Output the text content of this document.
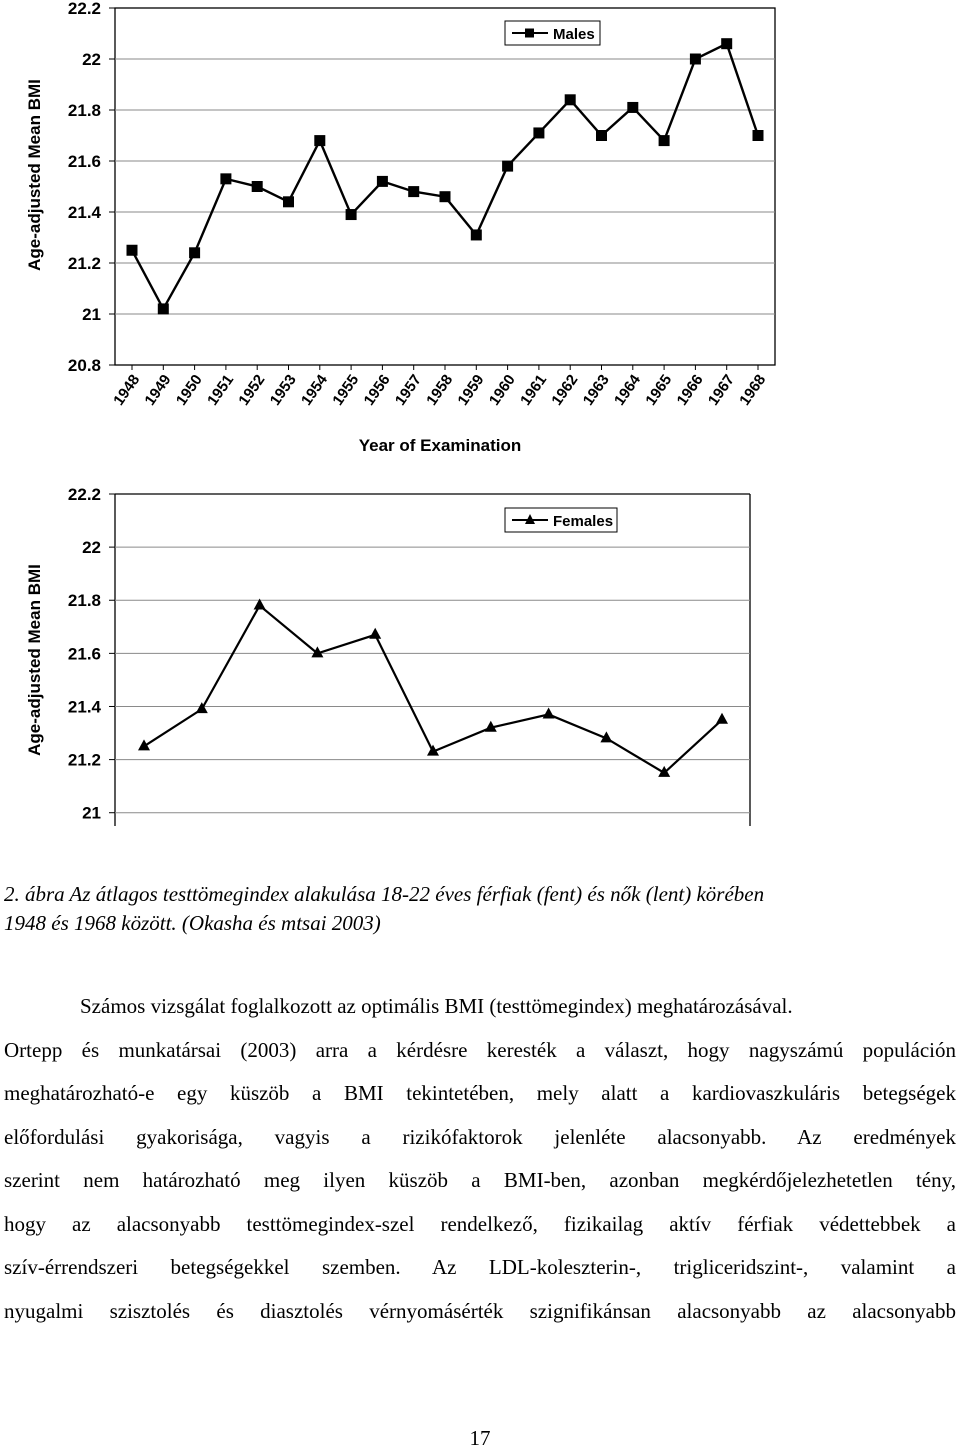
22.2
22
21.8
21.6
21.4
21.2
21
20.8
Age-adjusted Mean BMI
1948
1949
1950
1951
1952
1953
1954
1955
1956
1957
1958
1959
1960
1961
1962
1963
1964
1965
1966
1967
1968
Year of Examination
Males
22.2
22
21.8
21.6
21.4
21.2
21
Age-adjusted Mean BMI
Females
2. ábra Az átlagos testtömegindex alakulása 18-22 éves férfiak (fent) és nők (lent) körében
1948 és 1968 között. (Okasha és mtsai 2003)
Számos vizsgálat foglalkozott az optimális BMI (testtömegindex) meghatározásával.
Ortepp és munkatársai (2003) arra a kérdésre keresték a választ, hogy nagyszámú populáción
meghatározható-e egy küszöb a BMI tekintetében, mely alatt a kardiovaszkuláris betegségek
előfordulási gyakorisága, vagyis a rizikófaktorok jelenléte alacsonyabb. Az eredmények
szerint nem határozható meg ilyen küszöb a BMI-ben, azonban megkérdőjelezhetetlen tény,
hogy az alacsonyabb testtömegindex-szel rendelkező, fizikailag aktív férfiak védettebbek a
szív-érrendszeri betegségekkel szemben. Az LDL-koleszterin-, trigliceridszint-, valamint a
nyugalmi szisztolés és diasztolés vérnyomásérték szignifikánsan alacsonyabb az alacsonyabb
17
